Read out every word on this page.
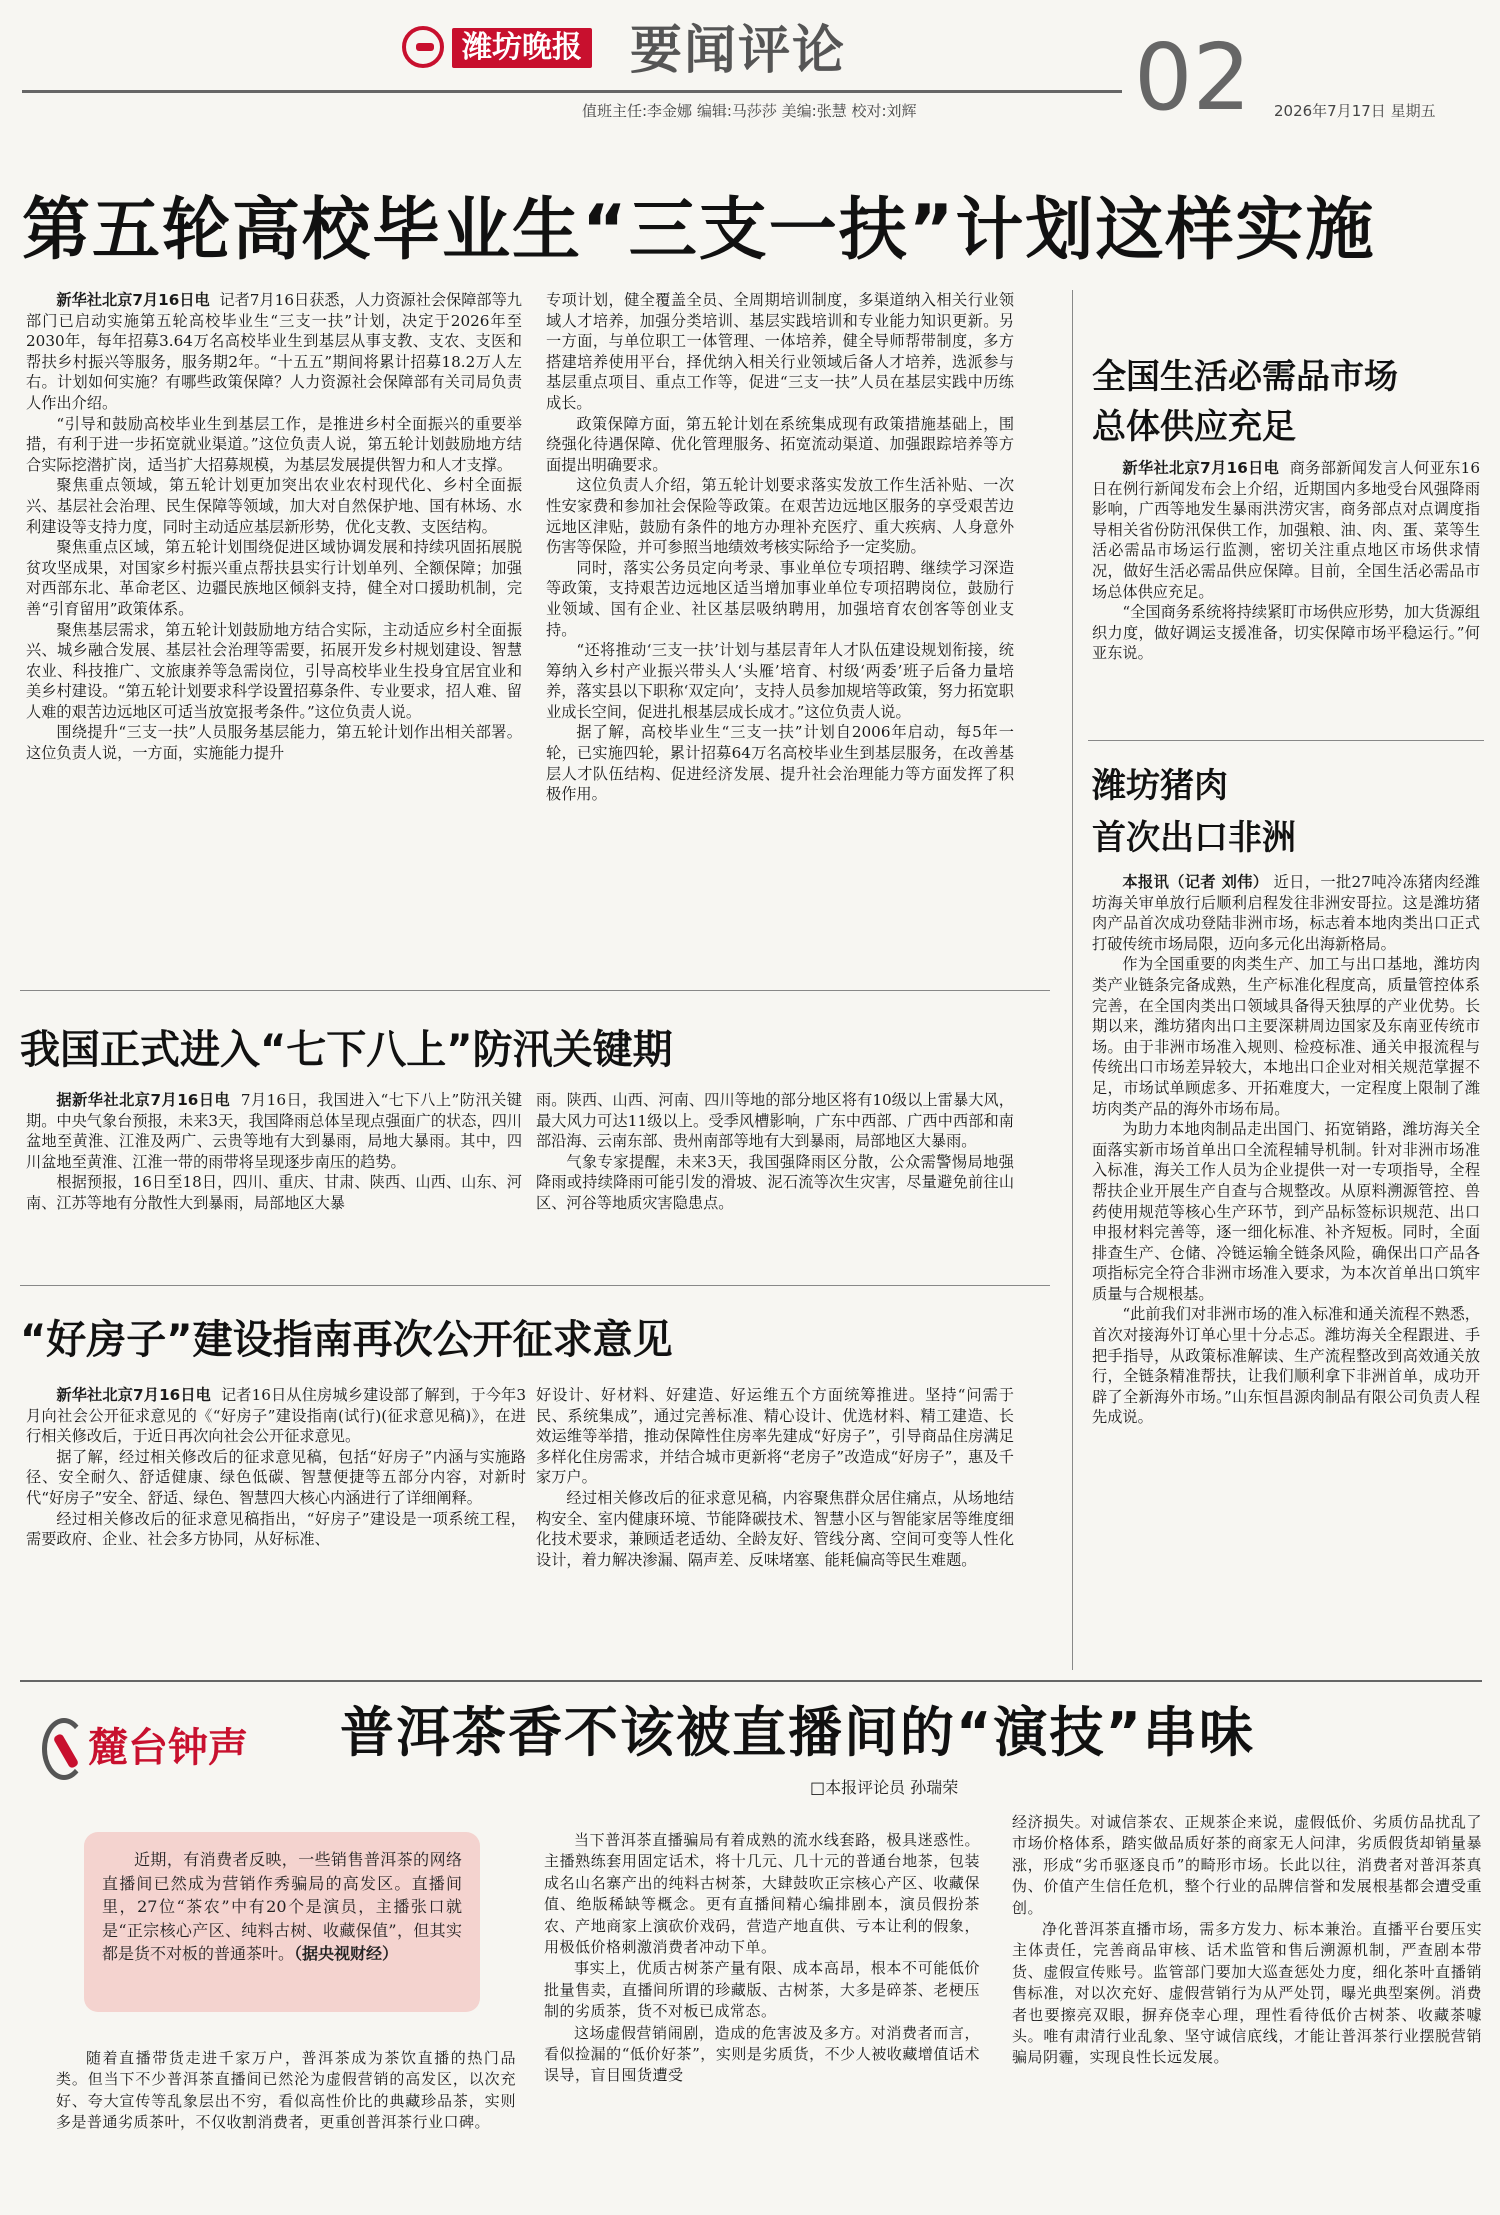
潍坊晚报 要闻评论
值班主任:李金娜 编辑:马莎莎 美编:张慧 校对:刘辉 02 2026年7月17日 星期五
第五轮高校毕业生“三支一扶”计划这样实施

新华社北京7月16日电 记者7月16日获悉，人力资源社会保障部等九部门已启动实施第五轮高校毕业生“三支一扶”计划，决定于2026年至2030年，每年招募3.64万名高校毕业生到基层从事支教、支农、支医和帮扶乡村振兴等服务，服务期2年。“十五五”期间将累计招募18.2万人左右。计划如何实施？有哪些政策保障？人力资源社会保障部有关司局负责人作出介绍。

“引导和鼓励高校毕业生到基层工作，是推进乡村全面振兴的重要举措，有利于进一步拓宽就业渠道。”这位负责人说，第五轮计划鼓励地方结合实际挖潜扩岗，适当扩大招募规模，为基层发展提供智力和人才支撑。

聚焦重点领域，第五轮计划更加突出农业农村现代化、乡村全面振兴、基层社会治理、民生保障等领域，加大对自然保护地、国有林场、水利建设等支持力度，同时主动适应基层新形势，优化支教、支医结构。

聚焦重点区域，第五轮计划围绕促进区域协调发展和持续巩固拓展脱贫攻坚成果，对国家乡村振兴重点帮扶县实行计划单列、全额保障；加强对西部东北、革命老区、边疆民族地区倾斜支持，健全对口援助机制，完善“引育留用”政策体系。

聚焦基层需求，第五轮计划鼓励地方结合实际，主动适应乡村全面振兴、城乡融合发展、基层社会治理等需要，拓展开发乡村规划建设、智慧农业、科技推广、文旅康养等急需岗位，引导高校毕业生投身宜居宜业和美乡村建设。“第五轮计划要求科学设置招募条件、专业要求，招人难、留人难的艰苦边远地区可适当放宽报考条件。”这位负责人说。

围绕提升“三支一扶”人员服务基层能力，第五轮计划作出相关部署。这位负责人说，一方面，实施能力提升

专项计划，健全覆盖全员、全周期培训制度，多渠道纳入相关行业领域人才培养，加强分类培训、基层实践培训和专业能力知识更新。另一方面，与单位职工一体管理、一体培养，健全导师帮带制度，多方搭建培养使用平台，择优纳入相关行业领域后备人才培养，选派参与基层重点项目、重点工作等，促进“三支一扶”人员在基层实践中历练成长。

政策保障方面，第五轮计划在系统集成现有政策措施基础上，围绕强化待遇保障、优化管理服务、拓宽流动渠道、加强跟踪培养等方面提出明确要求。

这位负责人介绍，第五轮计划要求落实发放工作生活补贴、一次性安家费和参加社会保险等政策。在艰苦边远地区服务的享受艰苦边远地区津贴，鼓励有条件的地方办理补充医疗、重大疾病、人身意外伤害等保险，并可参照当地绩效考核实际给予一定奖励。

同时，落实公务员定向考录、事业单位专项招聘、继续学习深造等政策，支持艰苦边远地区适当增加事业单位专项招聘岗位，鼓励行业领域、国有企业、社区基层吸纳聘用，加强培育农创客等创业支持。

“还将推动‘三支一扶’计划与基层青年人才队伍建设规划衔接，统筹纳入乡村产业振兴带头人‘头雁’培育、村级‘两委’班子后备力量培养，落实县以下职称‘双定向’，支持人员参加规培等政策，努力拓宽职业成长空间，促进扎根基层成长成才。”这位负责人说。

据了解，高校毕业生“三支一扶”计划自2006年启动，每5年一轮，已实施四轮，累计招募64万名高校毕业生到基层服务，在改善基层人才队伍结构、促进经济发展、提升社会治理能力等方面发挥了积极作用。

我国正式进入“七下八上”防汛关键期

据新华社北京7月16日电 7月16日，我国进入“七下八上”防汛关键期。中央气象台预报，未来3天，我国降雨总体呈现点强面广的状态，四川盆地至黄淮、江淮及两广、云贵等地有大到暴雨，局地大暴雨。其中，四川盆地至黄淮、江淮一带的雨带将呈现逐步南压的趋势。

根据预报，16日至18日，四川、重庆、甘肃、陕西、山西、山东、河南、江苏等地有分散性大到暴雨，局部地区大暴

雨。陕西、山西、河南、四川等地的部分地区将有10级以上雷暴大风，最大风力可达11级以上。受季风槽影响，广东中西部、广西中西部和南部沿海、云南东部、贵州南部等地有大到暴雨，局部地区大暴雨。

气象专家提醒，未来3天，我国强降雨区分散，公众需警惕局地强降雨或持续降雨可能引发的滑坡、泥石流等次生灾害，尽量避免前往山区、河谷等地质灾害隐患点。

“好房子”建设指南再次公开征求意见

新华社北京7月16日电 记者16日从住房城乡建设部了解到，于今年3月向社会公开征求意见的《“好房子”建设指南(试行)(征求意见稿)》，在进行相关修改后，于近日再次向社会公开征求意见。

据了解，经过相关修改后的征求意见稿，包括“好房子”内涵与实施路径、安全耐久、舒适健康、绿色低碳、智慧便捷等五部分内容，对新时代“好房子”安全、舒适、绿色、智慧四大核心内涵进行了详细阐释。

经过相关修改后的征求意见稿指出，“好房子”建设是一项系统工程，需要政府、企业、社会多方协同，从好标准、

好设计、好材料、好建造、好运维五个方面统筹推进。坚持“问需于民、系统集成”，通过完善标准、精心设计、优选材料、精工建造、长效运维等举措，推动保障性住房率先建成“好房子”，引导商品住房满足多样化住房需求，并结合城市更新将“老房子”改造成“好房子”，惠及千家万户。

经过相关修改后的征求意见稿，内容聚焦群众居住痛点，从场地结构安全、室内健康环境、节能降碳技术、智慧小区与智能家居等维度细化技术要求，兼顾适老适幼、全龄友好、管线分离、空间可变等人性化设计，着力解决渗漏、隔声差、反味堵塞、能耗偏高等民生难题。

全国生活必需品市场
总体供应充足

新华社北京7月16日电 商务部新闻发言人何亚东16日在例行新闻发布会上介绍，近期国内多地受台风强降雨影响，广西等地发生暴雨洪涝灾害，商务部点对点调度指导相关省份防汛保供工作，加强粮、油、肉、蛋、菜等生活必需品市场运行监测，密切关注重点地区市场供求情况，做好生活必需品供应保障。目前，全国生活必需品市场总体供应充足。

“全国商务系统将持续紧盯市场供应形势，加大货源组织力度，做好调运支援准备，切实保障市场平稳运行。”何亚东说。

潍坊猪肉
首次出口非洲

本报讯（记者 刘伟） 近日，一批27吨冷冻猪肉经潍坊海关审单放行后顺利启程发往非洲安哥拉。这是潍坊猪肉产品首次成功登陆非洲市场，标志着本地肉类出口正式打破传统市场局限，迈向多元化出海新格局。

作为全国重要的肉类生产、加工与出口基地，潍坊肉类产业链条完备成熟，生产标准化程度高，质量管控体系完善，在全国肉类出口领域具备得天独厚的产业优势。长期以来，潍坊猪肉出口主要深耕周边国家及东南亚传统市场。由于非洲市场准入规则、检疫标准、通关申报流程与传统出口市场差异较大，本地出口企业对相关规范掌握不足，市场试单顾虑多、开拓难度大，一定程度上限制了潍坊肉类产品的海外市场布局。

为助力本地肉制品走出国门、拓宽销路，潍坊海关全面落实新市场首单出口全流程辅导机制。针对非洲市场准入标准，海关工作人员为企业提供一对一专项指导，全程帮扶企业开展生产自查与合规整改。从原料溯源管控、兽药使用规范等核心生产环节，到产品标签标识规范、出口申报材料完善等，逐一细化标准、补齐短板。同时，全面排查生产、仓储、冷链运输全链条风险，确保出口产品各项指标完全符合非洲市场准入要求，为本次首单出口筑牢质量与合规根基。

“此前我们对非洲市场的准入标准和通关流程不熟悉，首次对接海外订单心里十分忐忑。潍坊海关全程跟进、手把手指导，从政策标准解读、生产流程整改到高效通关放行，全链条精准帮扶，让我们顺利拿下非洲首单，成功开辟了全新海外市场。”山东恒昌源肉制品有限公司负责人程先成说。

麓台钟声 普洱茶香不该被直播间的“演技”串味
□本报评论员 孙瑞荣

近期，有消费者反映，一些销售普洱茶的网络直播间已然成为营销作秀骗局的高发区。直播间里，27位“茶农”中有20个是演员，主播张口就是“正宗核心产区、纯料古树、收藏保值”，但其实都是货不对板的普通茶叶。（据央视财经）

随着直播带货走进千家万户，普洱茶成为茶饮直播的热门品类。但当下不少普洱茶直播间已然沦为虚假营销的高发区，以次充好、夸大宣传等乱象层出不穷，看似高性价比的典藏珍品茶，实则多是普通劣质茶叶，不仅收割消费者，更重创普洱茶行业口碑。

当下普洱茶直播骗局有着成熟的流水线套路，极具迷惑性。主播熟练套用固定话术，将十几元、几十元的普通台地茶，包装成名山名寨产出的纯料古树茶，大肆鼓吹正宗核心产区、收藏保值、绝版稀缺等概念。更有直播间精心编排剧本，演员假扮茶农、产地商家上演砍价戏码，营造产地直供、亏本让利的假象，用极低价格刺激消费者冲动下单。

事实上，优质古树茶产量有限、成本高昂，根本不可能低价批量售卖，直播间所谓的珍藏版、古树茶，大多是碎茶、老梗压制的劣质茶，货不对板已成常态。

这场虚假营销闹剧，造成的危害波及多方。对消费者而言，看似捡漏的“低价好茶”，实则是劣质货，不少人被收藏增值话术误导，盲目囤货遭受

经济损失。对诚信茶农、正规茶企来说，虚假低价、劣质仿品扰乱了市场价格体系，踏实做品质好茶的商家无人问津，劣质假货却销量暴涨，形成“劣币驱逐良币”的畸形市场。长此以往，消费者对普洱茶真伪、价值产生信任危机，整个行业的品牌信誉和发展根基都会遭受重创。

净化普洱茶直播市场，需多方发力、标本兼治。直播平台要压实主体责任，完善商品审核、话术监管和售后溯源机制，严查剧本带货、虚假宣传账号。监管部门要加大巡查惩处力度，细化茶叶直播销售标准，对以次充好、虚假营销行为从严处罚，曝光典型案例。消费者也要擦亮双眼，摒弃侥幸心理，理性看待低价古树茶、收藏茶噱头。唯有肃清行业乱象、坚守诚信底线，才能让普洱茶行业摆脱营销骗局阴霾，实现良性长远发展。
